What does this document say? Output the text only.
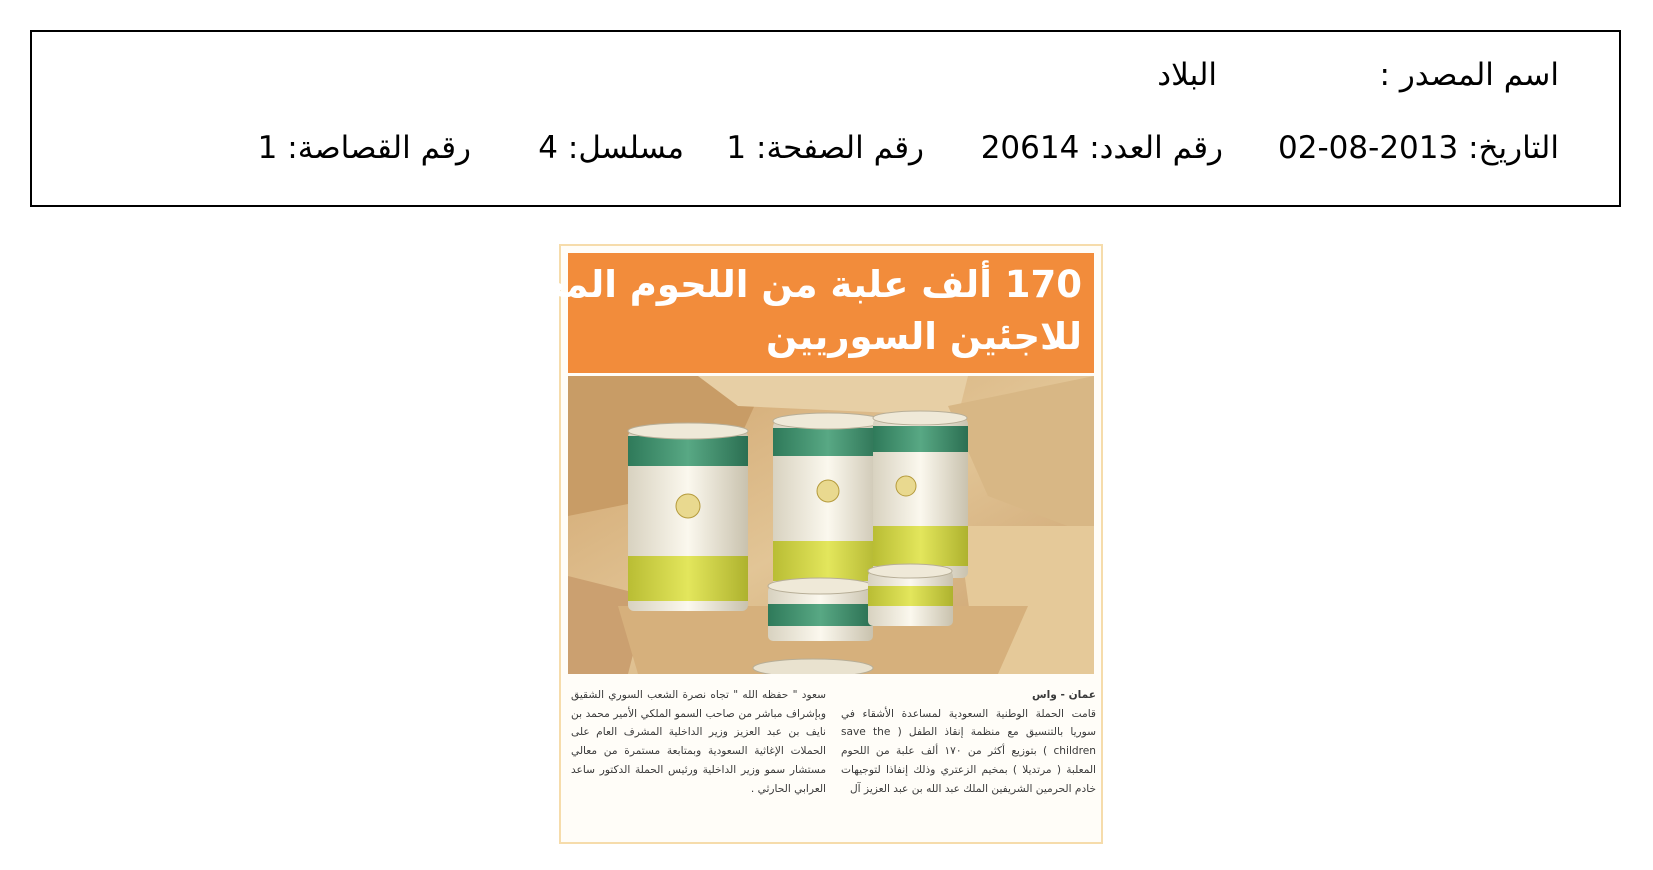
اسم المصدر :
البلاد
التاريخ: 2013-08-02
رقم العدد: 20614
رقم الصفحة: 1
مسلسل: 4
رقم القصاصة: 1
170 ألف علبة من اللحوم المعلبة
للاجئين السوريين
عمان - واس
قامت الحملة الوطنية السعودية لمساعدة الأشقاء في سوريا بالتنسيق مع منظمة إنقاذ الطفل ( save the children ) بتوزيع أكثر من ١٧٠ ألف علبة من اللحوم المعلبة ( مرتديلا ) بمخيم الزعتري وذلك إنفاذا لتوجيهات خادم الحرمين الشريفين الملك عبد الله بن عبد العزيز آل
سعود " حفظه الله " تجاه نصرة الشعب السوري الشقيق وبإشراف مباشر من صاحب السمو الملكي الأمير محمد بن نايف بن عبد العزيز وزير الداخلية المشرف العام على الحملات الإغاثية السعودية وبمتابعة مستمرة من معالي مستشار سمو وزير الداخلية ورئيس الحملة الدكتور ساعد العرابي الحارثي .
